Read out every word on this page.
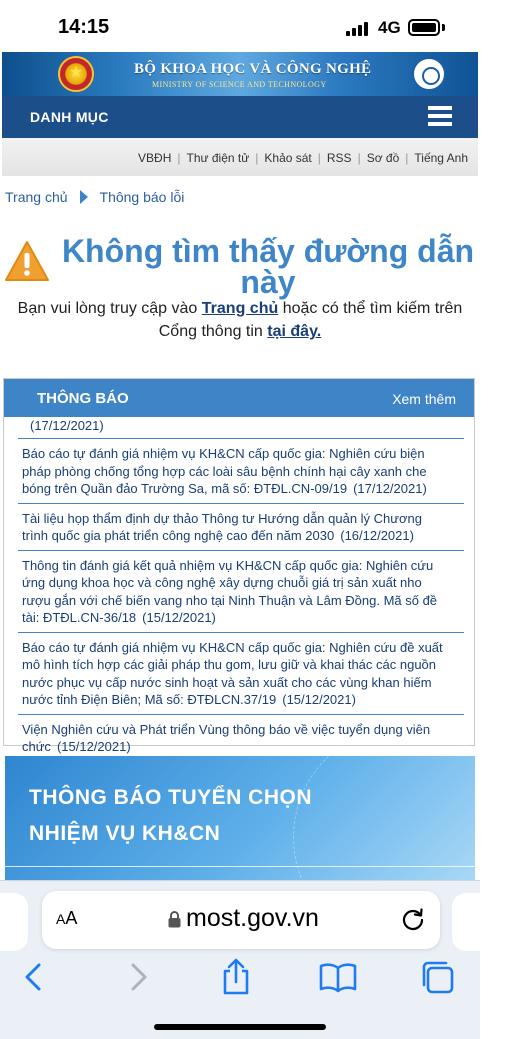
14:15	4G
★
BỘ KHOA HỌC VÀ CÔNG NGHỆ
MINISTRY OF SCIENCE AND TECHNOLOGY
DANH MỤC
VBĐH | Thư điện tử | Khảo sát | RSS | Sơ đồ | Tiếng Anh
Trang chủ Thông báo lỗi
Không tìm thấy đường dẫn
này
Bạn vui lòng truy cập vào Trang chủ hoặc có thể tìm kiếm trên
Cổng thông tin tại đây.
THÔNG BÁO	Xem thêm
(17/12/2021)
Báo cáo tự đánh giá nhiệm vụ KH&CN cấp quốc gia: Nghiên cứu biện
pháp phòng chống tổng hợp các loài sâu bệnh chính hại cây xanh che
bóng trên Quần đảo Trường Sa, mã số: ĐTĐL.CN-09/19 (17/12/2021)
Tài liệu họp thẩm định dự thảo Thông tư Hướng dẫn quản lý Chương
trình quốc gia phát triển công nghệ cao đến năm 2030 (16/12/2021)
Thông tin đánh giá kết quả nhiệm vụ KH&CN cấp quốc gia: Nghiên cứu
ứng dụng khoa học và công nghệ xây dựng chuỗi giá trị sản xuất nho
rượu gắn với chế biến vang nho tại Ninh Thuận và Lâm Đồng. Mã số đề
tài: ĐTĐL.CN-36/18 (15/12/2021)
Báo cáo tự đánh giá nhiệm vụ KH&CN cấp quốc gia: Nghiên cứu đề xuất
mô hình tích hợp các giải pháp thu gom, lưu giữ và khai thác các nguồn
nước phục vụ cấp nước sinh hoạt và sản xuất cho các vùng khan hiếm
nước tỉnh Điện Biên; Mã số: ĐTĐLCN.37/19 (15/12/2021)
Viện Nghiên cứu và Phát triển Vùng thông báo về việc tuyển dụng viên
chức (15/12/2021)
THÔNG BÁO TUYỂN CHỌN
NHIỆM VỤ KH&CN
AA	most.gov.vn
